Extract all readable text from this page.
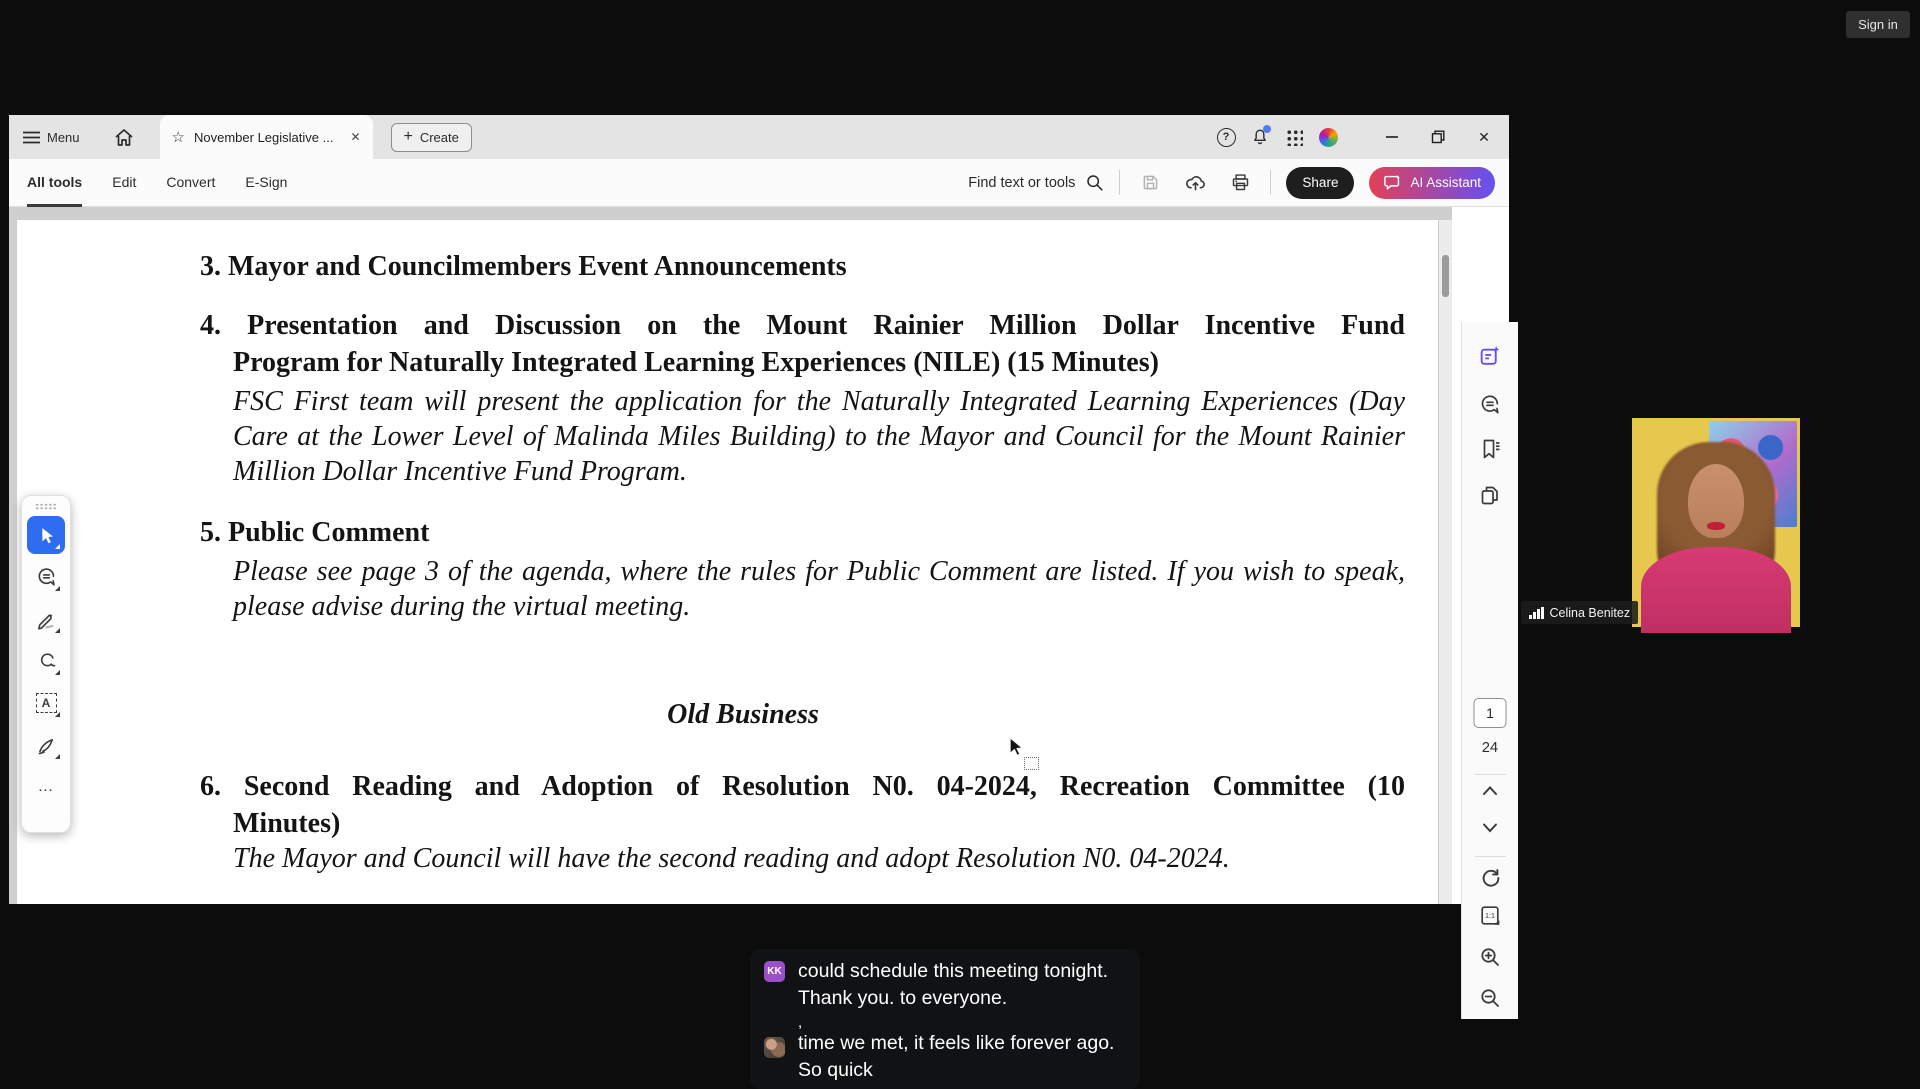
Sign in
Menu	☆ November Legislative ... ✕	+ Create	?	✕
All tools Edit Convert E-Sign	Find text or tools	Share	AI Assistant
3. Mayor and Councilmembers Event Announcements
4. Presentation and Discussion on the Mount Rainier Million Dollar Incentive Fund
Program for Naturally Integrated Learning Experiences (NILE) (15 Minutes)
FSC First team will present the application for the Naturally Integrated Learning Experiences (Day Care at the Lower Level of Malinda Miles Building) to the Mayor and Council for the Mount Rainier Million Dollar Incentive Fund Program.
5. Public Comment
Please see page 3 of the agenda, where the rules for Public Comment are listed. If you wish to speak, please advise during the virtual meeting.
Old Business
6. Second Reading and Adoption of Resolution N0. 04-2024, Recreation Committee (10
Minutes)
The Mayor and Council will have the second reading and adopt Resolution N0. 04-2024.
1
24
1:1
A
…
Celina Benitez
KK could schedule this meeting tonight.
Thank you. to everyone.
,
time we met, it feels like forever ago.
So quick
